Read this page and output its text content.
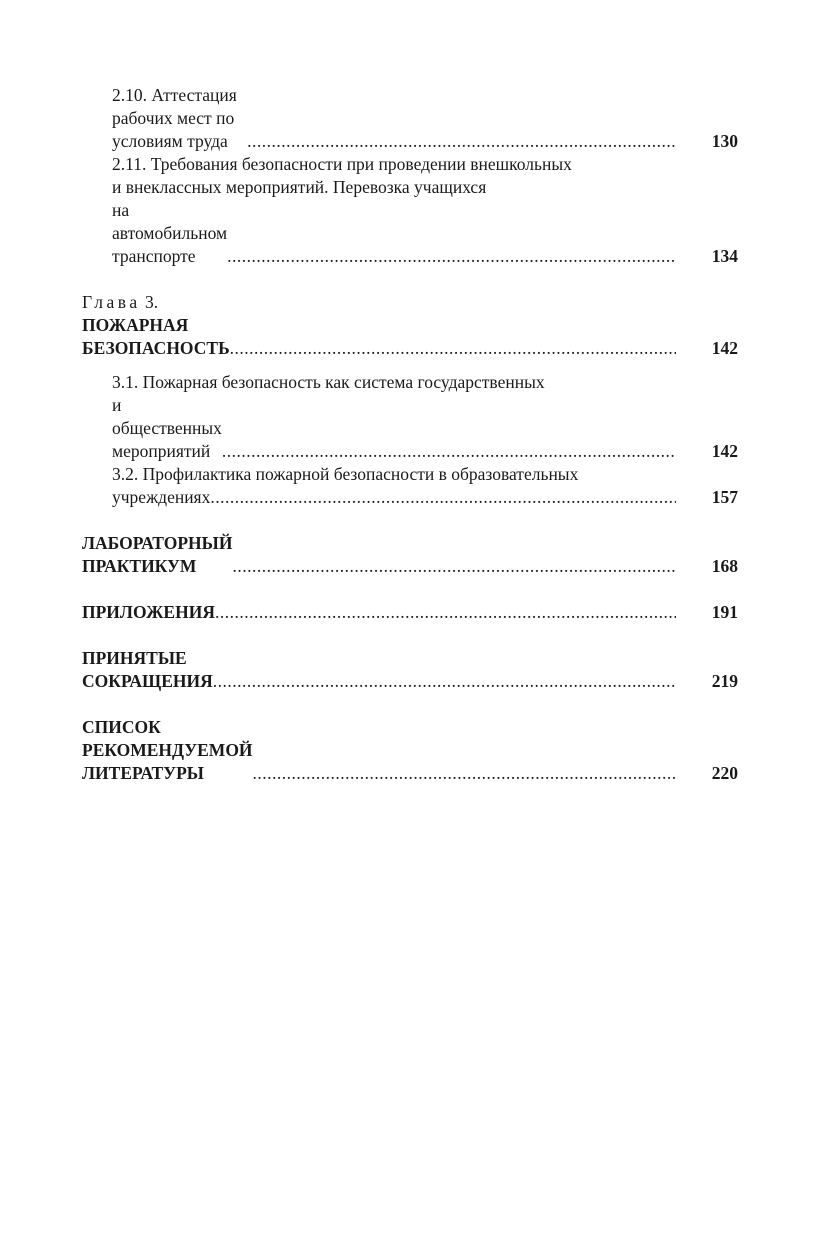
2.10. Аттестация рабочих мест по условиям труда .....	130
2.11. Требования безопасности при проведении внешкольных
и внеклассных мероприятий. Перевозка учащихся
на автомобильном транспорте .....	134
Глава 3. ПОЖАРНАЯ БЕЗОПАСНОСТЬ .....	142
3.1. Пожарная безопасность как система государственных
и общественных мероприятий .....	142
3.2. Профилактика пожарной безопасности в образовательных
учреждениях .....	157
ЛАБОРАТОРНЫЙ ПРАКТИКУМ .....	168
ПРИЛОЖЕНИЯ .....	191
ПРИНЯТЫЕ СОКРАЩЕНИЯ .....	219
СПИСОК РЕКОМЕНДУЕМОЙ ЛИТЕРАТУРЫ .....	220
